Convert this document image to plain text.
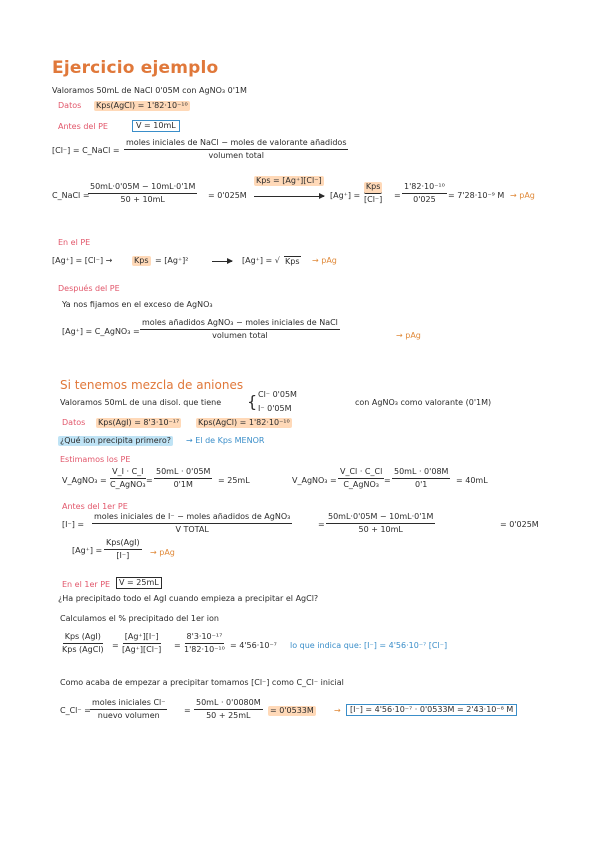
Ejercicio ejemplo
Valoramos 50mL de NaCl 0'05M con AgNO₃ 0'1M
Datos Kps(AgCl) = 1'82·10⁻¹⁰
Antes del PE	V = 10mL
[Cl⁻] = C_NaCl =
moles iniciales de NaCl − moles de valorante añadidos
volumen total
C_NaCl =
$\frac{50mL\cdot 0'05M - 10mL\cdot 0'1M}{50 + 10mL} = 0'025M$
Kps = [Ag⁺][Cl⁻]
[Ag⁺] =
Kps
$[Cl^-] = \frac{\text{1'82·10⁻¹⁰}}{0'025} = 7'28\cdot 10^{-9}$ M → pAg
En el PE
[Ag⁺] = [Cl⁻] →	Kps = [Ag⁺]²	[Ag⁺] = √ Kps → pAg
Después del PE
Ya nos fijamos en el exceso de AgNO₃
[Ag⁺] = C_AgNO₃ =
moles añadidos AgNO₃ − moles iniciales de NaCl
volumen total	→ pAg
Si tenemos mezcla de aniones
Valoramos 50mL de una disol. que tiene { Cl⁻ 0'05M
I⁻ 0'05M
con AgNO₃ como valorante (0'1M)
Datos Kps(AgI) = 8'3·10⁻¹⁷ Kps(AgCl) = 1'82·10⁻¹⁰
¿Qué ion precipita primero? → El de Kps MENOR
Estimamos los PE
V_AgNO₃ =
V_I · C_I
C_AgNO₃ = $\frac{50mL \cdot 0'05M}{0'1M} = 25mL$	V_AgNO₃ =
V_Cl · C_Cl
C_AgNO₃ = $\frac{50mL \cdot 0'08M}{0'1} = 40mL$
Antes del 1er PE
[I⁻] =
moles iniciales de I⁻ − moles añadidos de AgNO₃
V TOTAL
= $\frac{50mL\cdot 0'05M - 10mL\cdot 0'1M}{50 + 10mL}$	= 0'025M
[Ag⁺] =
Kps(AgI)
[I⁻]	→ pAg
En el 1er PE	V = 25mL
¿Ha precipitado todo el AgI cuando empieza a precipitar el AgCl?
Calculamos el % precipitado del 1er ion
Kps (AgI)
Kps (AgCl) = $\frac{[Ag^+][I^-]}{[Ag^+][Cl^-]} = \frac{\text{8'3·10⁻¹⁷}}{\text{1'82·10⁻¹⁰}} = 4'56\cdot 10^{-7}$ lo que indica que: [I⁻] = 4'56·10⁻⁷ [Cl⁻]
Como acaba de empezar a precipitar tomamos [Cl⁻] como C_Cl⁻ inicial
C_Cl⁻ =
moles iniciales Cl⁻
nuevo volumen
= $\frac{50mL \cdot 0'0080M}{50 + 25mL} = 0'0533M$	→	[I⁻] = 4'56·10⁻⁷ · 0'0533M = 2'43·10⁻⁸ M
